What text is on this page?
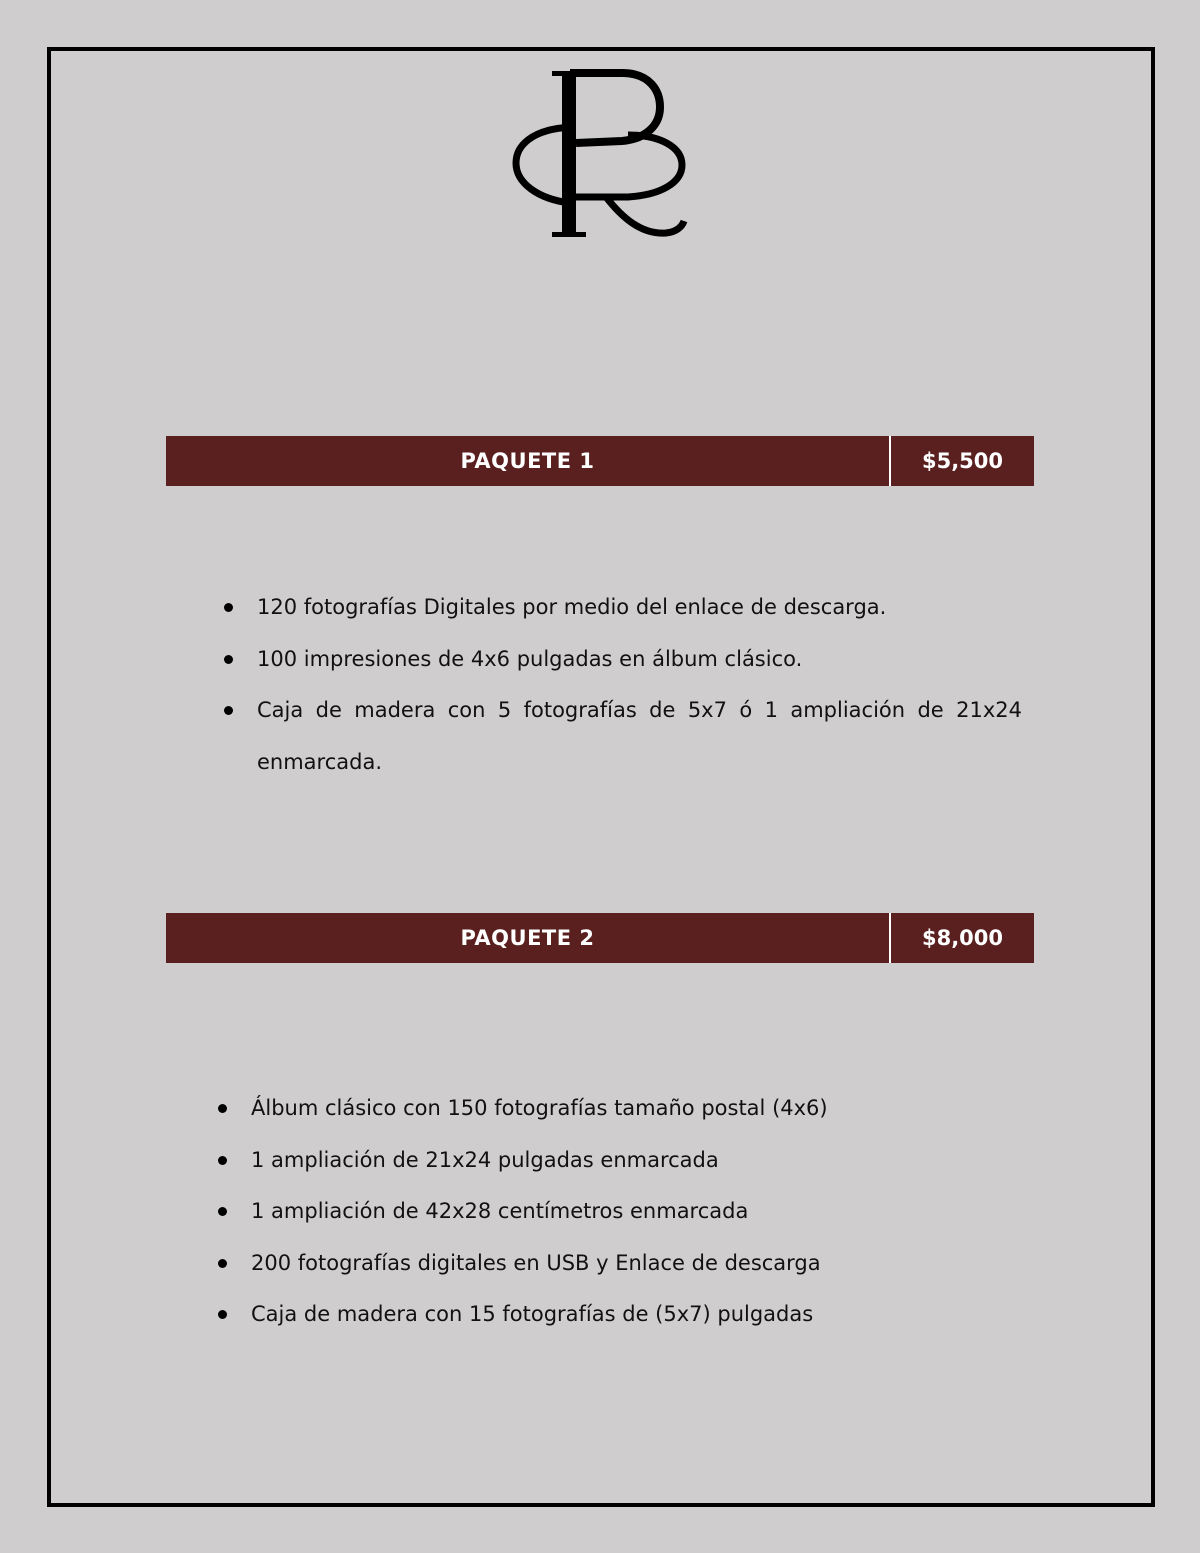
PAQUETE 1	$5,500
120 fotografías Digitales por medio del enlace de descarga.
100 impresiones de 4x6 pulgadas en álbum clásico.
Caja de madera con 5 fotografías de 5x7 ó 1 ampliación de 21x24
enmarcada.
PAQUETE 2	$8,000
Álbum clásico con 150 fotografías tamaño postal (4x6)
1 ampliación de 21x24 pulgadas enmarcada
1 ampliación de 42x28 centímetros enmarcada
200 fotografías digitales en USB y Enlace de descarga
Caja de madera con 15 fotografías de (5x7) pulgadas
